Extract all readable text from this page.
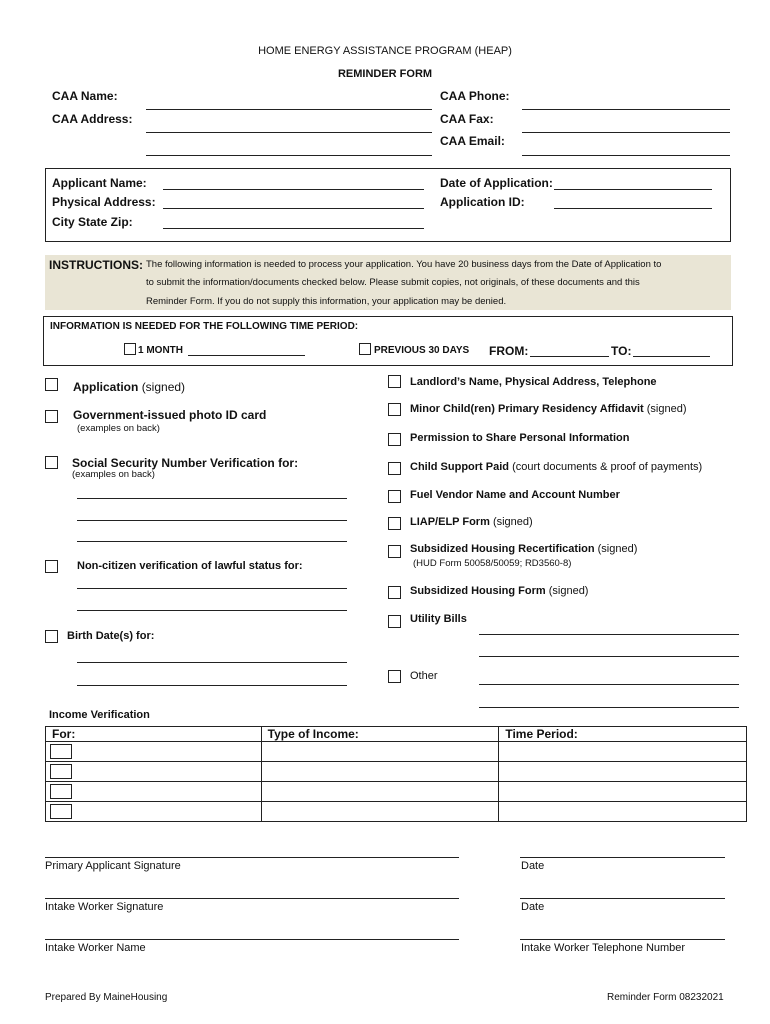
HOME ENERGY ASSISTANCE PROGRAM (HEAP)
REMINDER FORM
CAA Name:
CAA Address:
CAA Phone:
CAA Fax:
CAA Email:
Applicant Name:
Physical Address:
City State Zip:
Date of Application:
Application ID:
INSTRUCTIONS: The following information is needed to process your application. You have 20 business days from the Date of Application to
to submit the information/documents checked below. Please submit copies, not originals, of these documents and this
Reminder Form. If you do not supply this information, your application may be denied.
INFORMATION IS NEEDED FOR THE FOLLOWING TIME PERIOD:
1 MONTH	PREVIOUS 30 DAYS FROM:	TO:
Application (signed)
Government-issued photo ID card
(examples on back)
Social Security Number Verification for:
(examples on back)
Non-citizen verification of lawful status for:
Birth Date(s) for:
Landlord’s Name, Physical Address, Telephone
Minor Child(ren) Primary Residency Affidavit (signed)
Permission to Share Personal Information
Child Support Paid (court documents & proof of payments)
Fuel Vendor Name and Account Number
LIAP/ELP Form (signed)
Subsidized Housing Recertification (signed)
(HUD Form 50058/50059; RD3560-8)
Subsidized Housing Form (signed)
Utility Bills
Other
Income Verification
For:	Type of Income:	Time Period:

Primary Applicant Signature	Date
Intake Worker Signature	Date
Intake Worker Name	Intake Worker Telephone Number
Prepared By MaineHousing	Reminder Form 08232021
